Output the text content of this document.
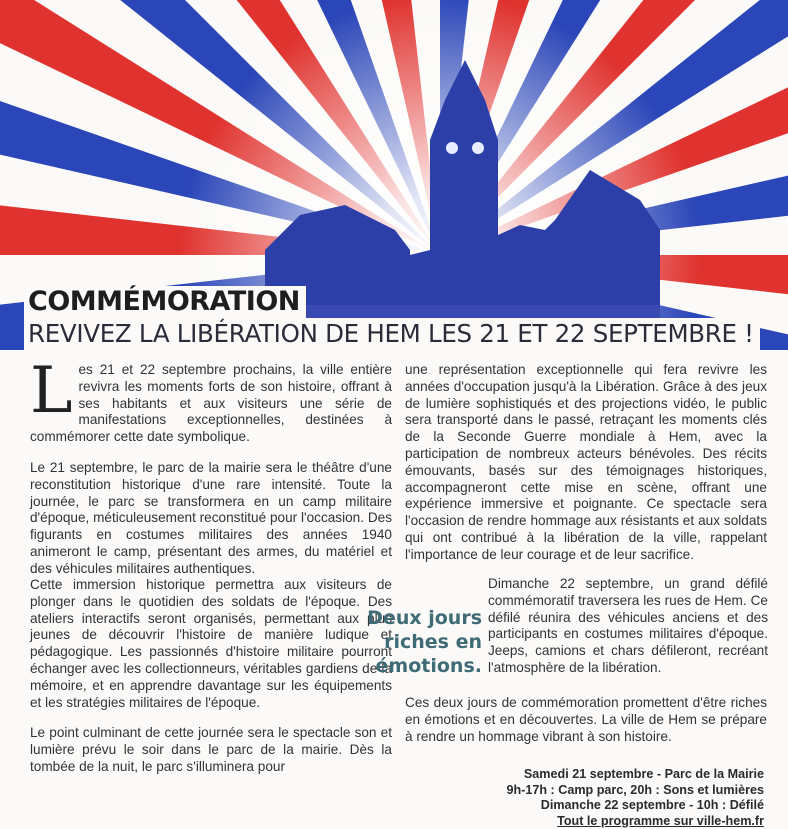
COMMÉMORATION
REVIVEZ LA LIBÉRATION DE HEM LES 21 ET 22 SEPTEMBRE !

Les 21 et 22 septembre prochains, la ville entière revivra les moments forts de son histoire, offrant à ses habitants et aux visiteurs une série de manifestations exceptionnelles, destinées à commémorer cette date symbolique.

Le 21 septembre, le parc de la mairie sera le théâtre d'une reconstitution historique d'une rare intensité. Toute la journée, le parc se transformera en un camp militaire d'époque, méticuleusement reconstitué pour l'occasion. Des figurants en costumes militaires des années 1940 animeront le camp, présentant des armes, du matériel et des véhicules militaires authentiques.

Cette immersion historique permettra aux visiteurs de plonger dans le quotidien des soldats de l'époque. Des ateliers interactifs seront organisés, permettant aux plus jeunes de découvrir l'histoire de manière ludique et pédagogique. Les passionnés d'histoire militaire pourront échanger avec les collectionneurs, véritables gardiens de la mémoire, et en apprendre davantage sur les équipements et les stratégies militaires de l'époque.

Le point culminant de cette journée sera le spectacle son et lumière prévu le soir dans le parc de la mairie. Dès la tombée de la nuit, le parc s'illuminera pour

une représentation exceptionnelle qui fera revivre les années d'occupation jusqu'à la Libération. Grâce à des jeux de lumière sophistiqués et des projections vidéo, le public sera transporté dans le passé, retraçant les moments clés de la Seconde Guerre mondiale à Hem, avec la participation de nombreux acteurs bénévoles. Des récits émouvants, basés sur des témoignages historiques, accompagneront cette mise en scène, offrant une expérience immersive et poignante. Ce spectacle sera l'occasion de rendre hommage aux résistants et aux soldats qui ont contribué à la libération de la ville, rappelant l'importance de leur courage et de leur sacrifice.

Dimanche 22 septembre, un grand défilé commémoratif traversera les rues de Hem. Ce défilé réunira des véhicules anciens et des participants en costumes militaires d'époque. Jeeps, camions et chars défileront, recréant l'atmosphère de la libération.

Ces deux jours de commémoration promettent d'être riches en émotions et en découvertes. La ville de Hem se prépare à rendre un hommage vibrant à son histoire.

Deux jours riches en émotions.
Samedi 21 septembre - Parc de la Mairie
9h-17h : Camp parc, 20h : Sons et lumières
Dimanche 22 septembre - 10h : Défilé
Tout le programme sur ville-hem.fr
